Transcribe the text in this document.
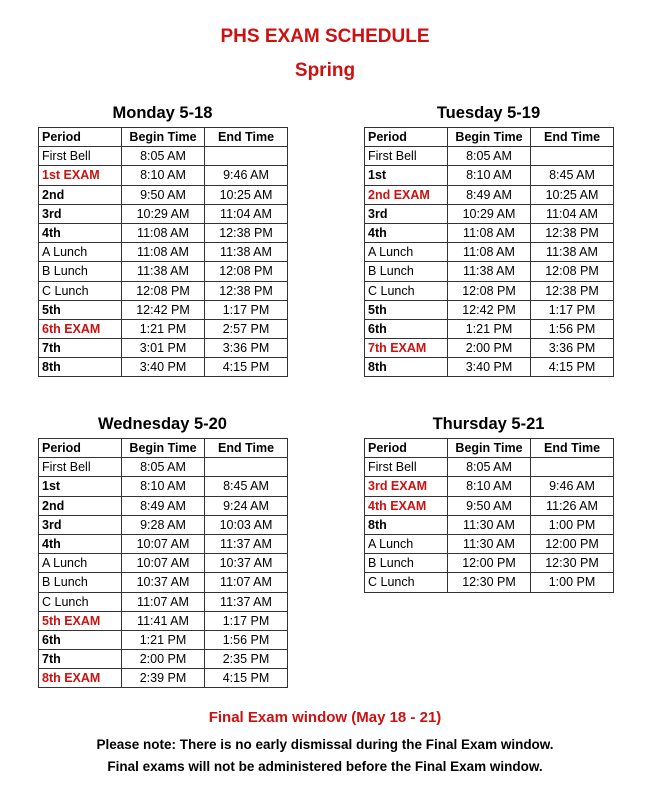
PHS EXAM SCHEDULE
Spring
Monday 5-18
Period	Begin Time	End Time
First Bell	8:05 AM	
1st EXAM	8:10 AM	9:46 AM
2nd	9:50 AM	10:25 AM
3rd	10:29 AM	11:04 AM
4th	11:08 AM	12:38 PM
A Lunch	11:08 AM	11:38 AM
B Lunch	11:38 AM	12:08 PM
C Lunch	12:08 PM	12:38 PM
5th	12:42 PM	1:17 PM
6th EXAM	1:21 PM	2:57 PM
7th	3:01 PM	3:36 PM
8th	3:40 PM	4:15 PM
Tuesday 5-19
Period	Begin Time	End Time
First Bell	8:05 AM	
1st	8:10 AM	8:45 AM
2nd EXAM	8:49 AM	10:25 AM
3rd	10:29 AM	11:04 AM
4th	11:08 AM	12:38 PM
A Lunch	11:08 AM	11:38 AM
B Lunch	11:38 AM	12:08 PM
C Lunch	12:08 PM	12:38 PM
5th	12:42 PM	1:17 PM
6th	1:21 PM	1:56 PM
7th EXAM	2:00 PM	3:36 PM
8th	3:40 PM	4:15 PM
Wednesday 5-20
Period	Begin Time	End Time
First Bell	8:05 AM	
1st	8:10 AM	8:45 AM
2nd	8:49 AM	9:24 AM
3rd	9:28 AM	10:03 AM
4th	10:07 AM	11:37 AM
A Lunch	10:07 AM	10:37 AM
B Lunch	10:37 AM	11:07 AM
C Lunch	11:07 AM	11:37 AM
5th EXAM	11:41 AM	1:17 PM
6th	1:21 PM	1:56 PM
7th	2:00 PM	2:35 PM
8th EXAM	2:39 PM	4:15 PM
Thursday 5-21
Period	Begin Time	End Time
First Bell	8:05 AM	
3rd EXAM	8:10 AM	9:46 AM
4th EXAM	9:50 AM	11:26 AM
8th	11:30 AM	1:00 PM
A Lunch	11:30 AM	12:00 PM
B Lunch	12:00 PM	12:30 PM
C Lunch	12:30 PM	1:00 PM
Final Exam window (May 18 - 21)
Please note: There is no early dismissal during the Final Exam window.
Final exams will not be administered before the Final Exam window.
